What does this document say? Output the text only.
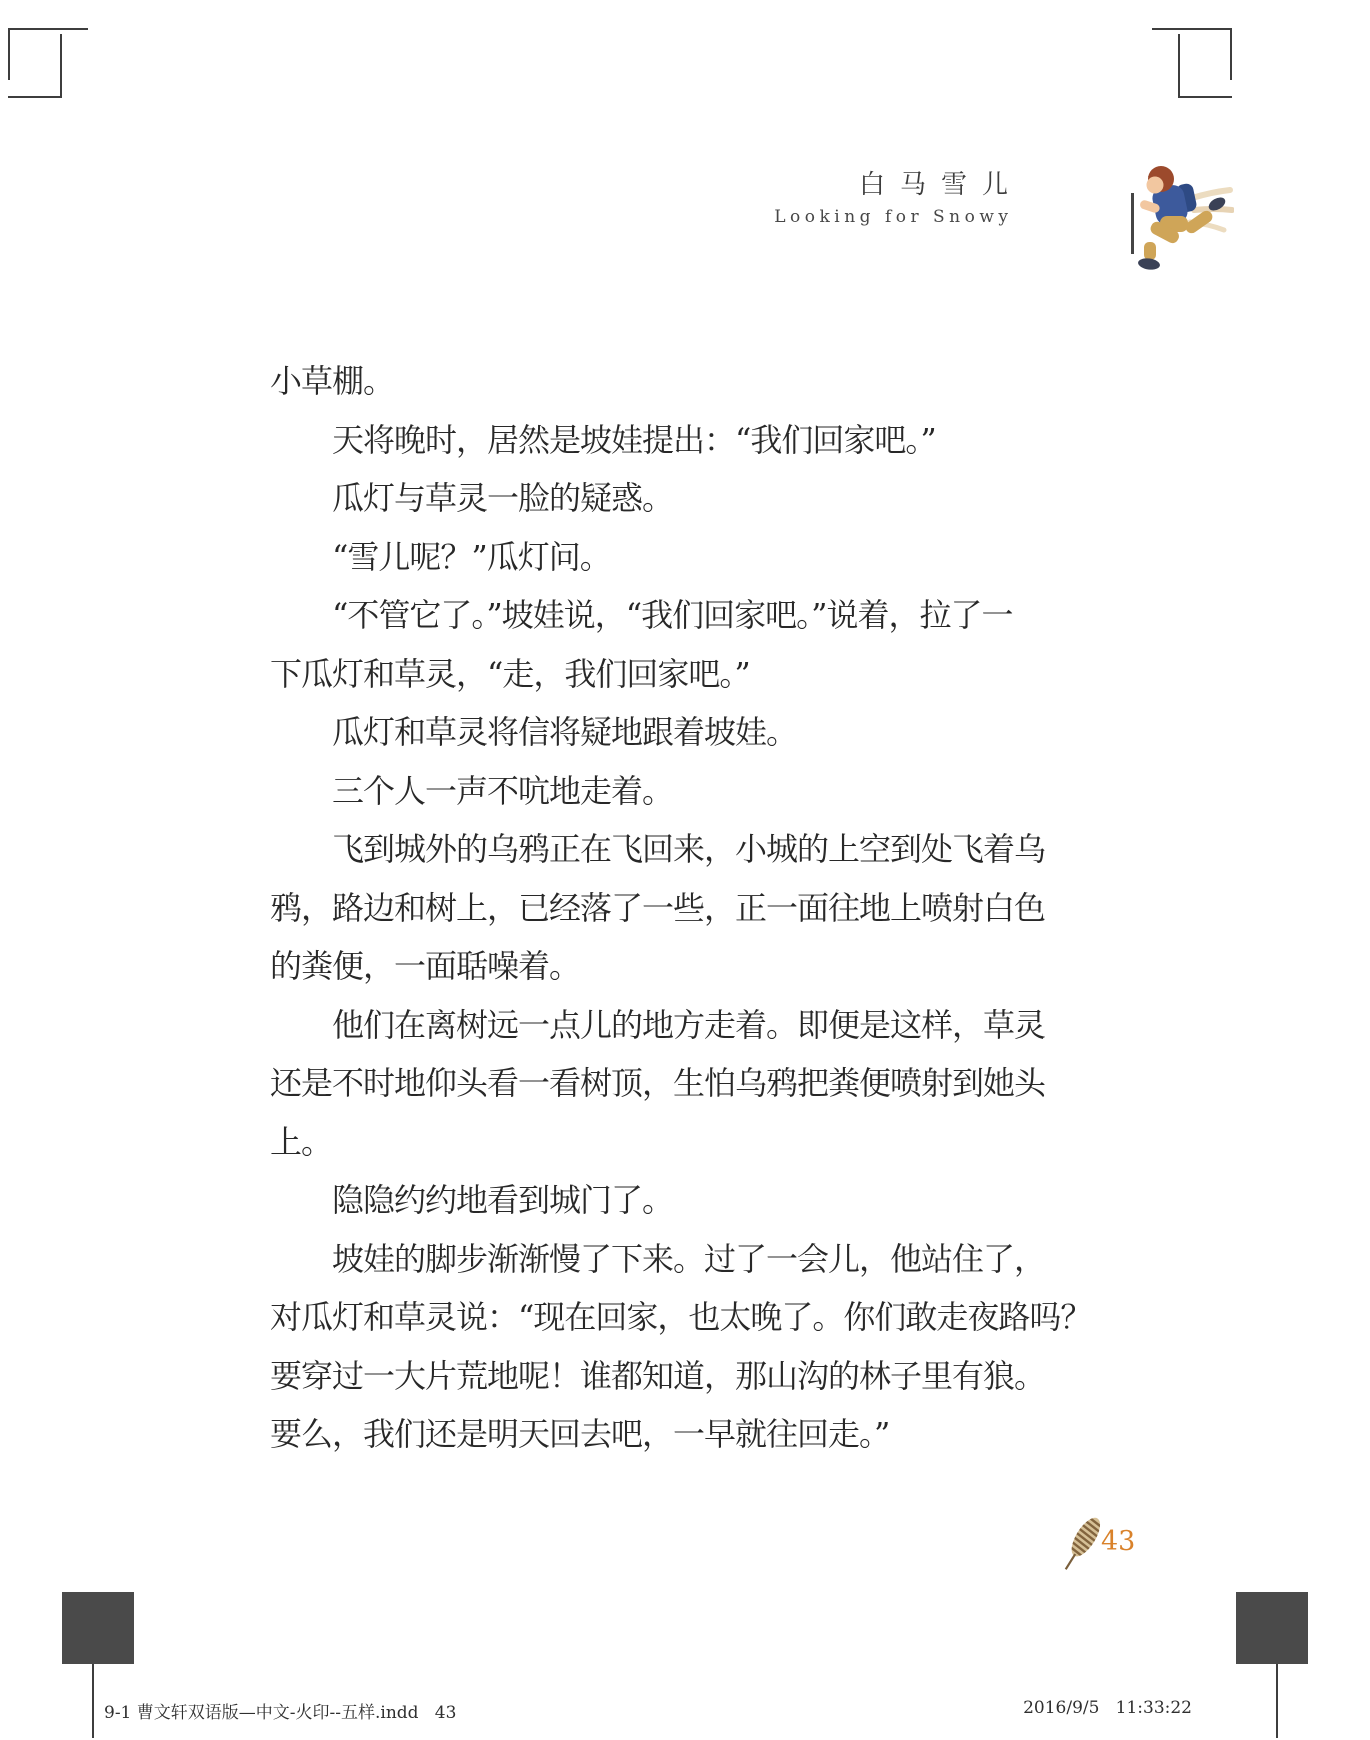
白马雪儿
Looking for Snowy
小草棚。
天将晚时，居然是坡娃提出：“我们回家吧。”
瓜灯与草灵一脸的疑惑。
“雪儿呢？”瓜灯问。
“不管它了。”坡娃说，“我们回家吧。”说着，拉了一
下瓜灯和草灵，“走，我们回家吧。”
瓜灯和草灵将信将疑地跟着坡娃。
三个人一声不吭地走着。
飞到城外的乌鸦正在飞回来，小城的上空到处飞着乌
鸦，路边和树上，已经落了一些，正一面往地上喷射白色
的粪便，一面聒噪着。
他们在离树远一点儿的地方走着。即便是这样，草灵
还是不时地仰头看一看树顶，生怕乌鸦把粪便喷射到她头
上。
隐隐约约地看到城门了。
坡娃的脚步渐渐慢了下来。过了一会儿，他站住了，
对瓜灯和草灵说：“现在回家，也太晚了。你们敢走夜路吗？
要穿过一大片荒地呢！谁都知道，那山沟的林子里有狼。
要么，我们还是明天回去吧，一早就往回走。”
43
9-1 曹文轩双语版—中文-火印--五样.indd   43	2016/9/5   11:33:22
